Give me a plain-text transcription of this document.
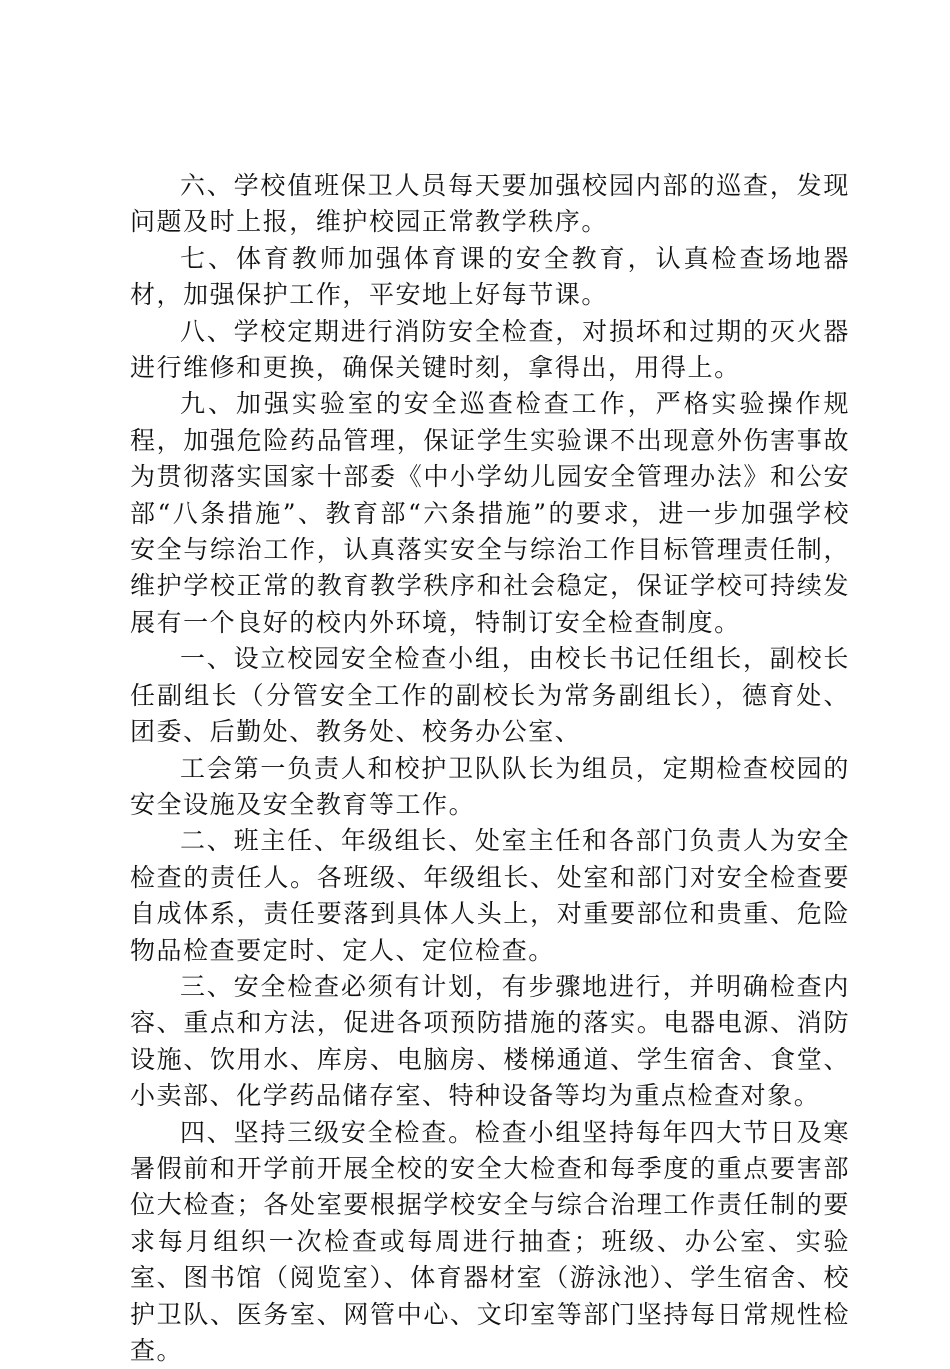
六、学校值班保卫人员每天要加强校园内部的巡查，发现问题及时上报，维护校园正常教学秩序。

七、体育教师加强体育课的安全教育，认真检查场地器材，加强保护工作，平安地上好每节课。

八、学校定期进行消防安全检查，对损坏和过期的灭火器进行维修和更换，确保关键时刻，拿得出，用得上。

九、加强实验室的安全巡查检查工作，严格实验操作规程，加强危险药品管理，保证学生实验课不出现意外伤害事故为贯彻落实国家十部委《中小学幼儿园安全管理办法》和公安部“八条措施”、教育部“六条措施”的要求，进一步加强学校安全与综治工作，认真落实安全与综治工作目标管理责任制，维护学校正常的教育教学秩序和社会稳定，保证学校可持续发展有一个良好的校内外环境，特制订安全检查制度。

一、设立校园安全检查小组，由校长书记任组长，副校长任副组长（分管安全工作的副校长为常务副组长），德育处、团委、后勤处、教务处、校务办公室、

工会第一负责人和校护卫队队长为组员，定期检查校园的安全设施及安全教育等工作。

二、班主任、年级组长、处室主任和各部门负责人为安全检查的责任人。各班级、年级组长、处室和部门对安全检查要自成体系，责任要落到具体人头上，对重要部位和贵重、危险物品检查要定时、定人、定位检查。

三、安全检查必须有计划，有步骤地进行，并明确检查内容、重点和方法，促进各项预防措施的落实。电器电源、消防设施、饮用水、库房、电脑房、楼梯通道、学生宿舍、食堂、小卖部、化学药品储存室、特种设备等均为重点检查对象。

四、坚持三级安全检查。检查小组坚持每年四大节日及寒暑假前和开学前开展全校的安全大检查和每季度的重点要害部位大检查；各处室要根据学校安全与综合治理工作责任制的要求每月组织一次检查或每周进行抽查；班级、办公室、实验室、图书馆（阅览室）、体育器材室（游泳池）、学生宿舍、校护卫队、医务室、网管中心、文印室等部门坚持每日常规性检查。
